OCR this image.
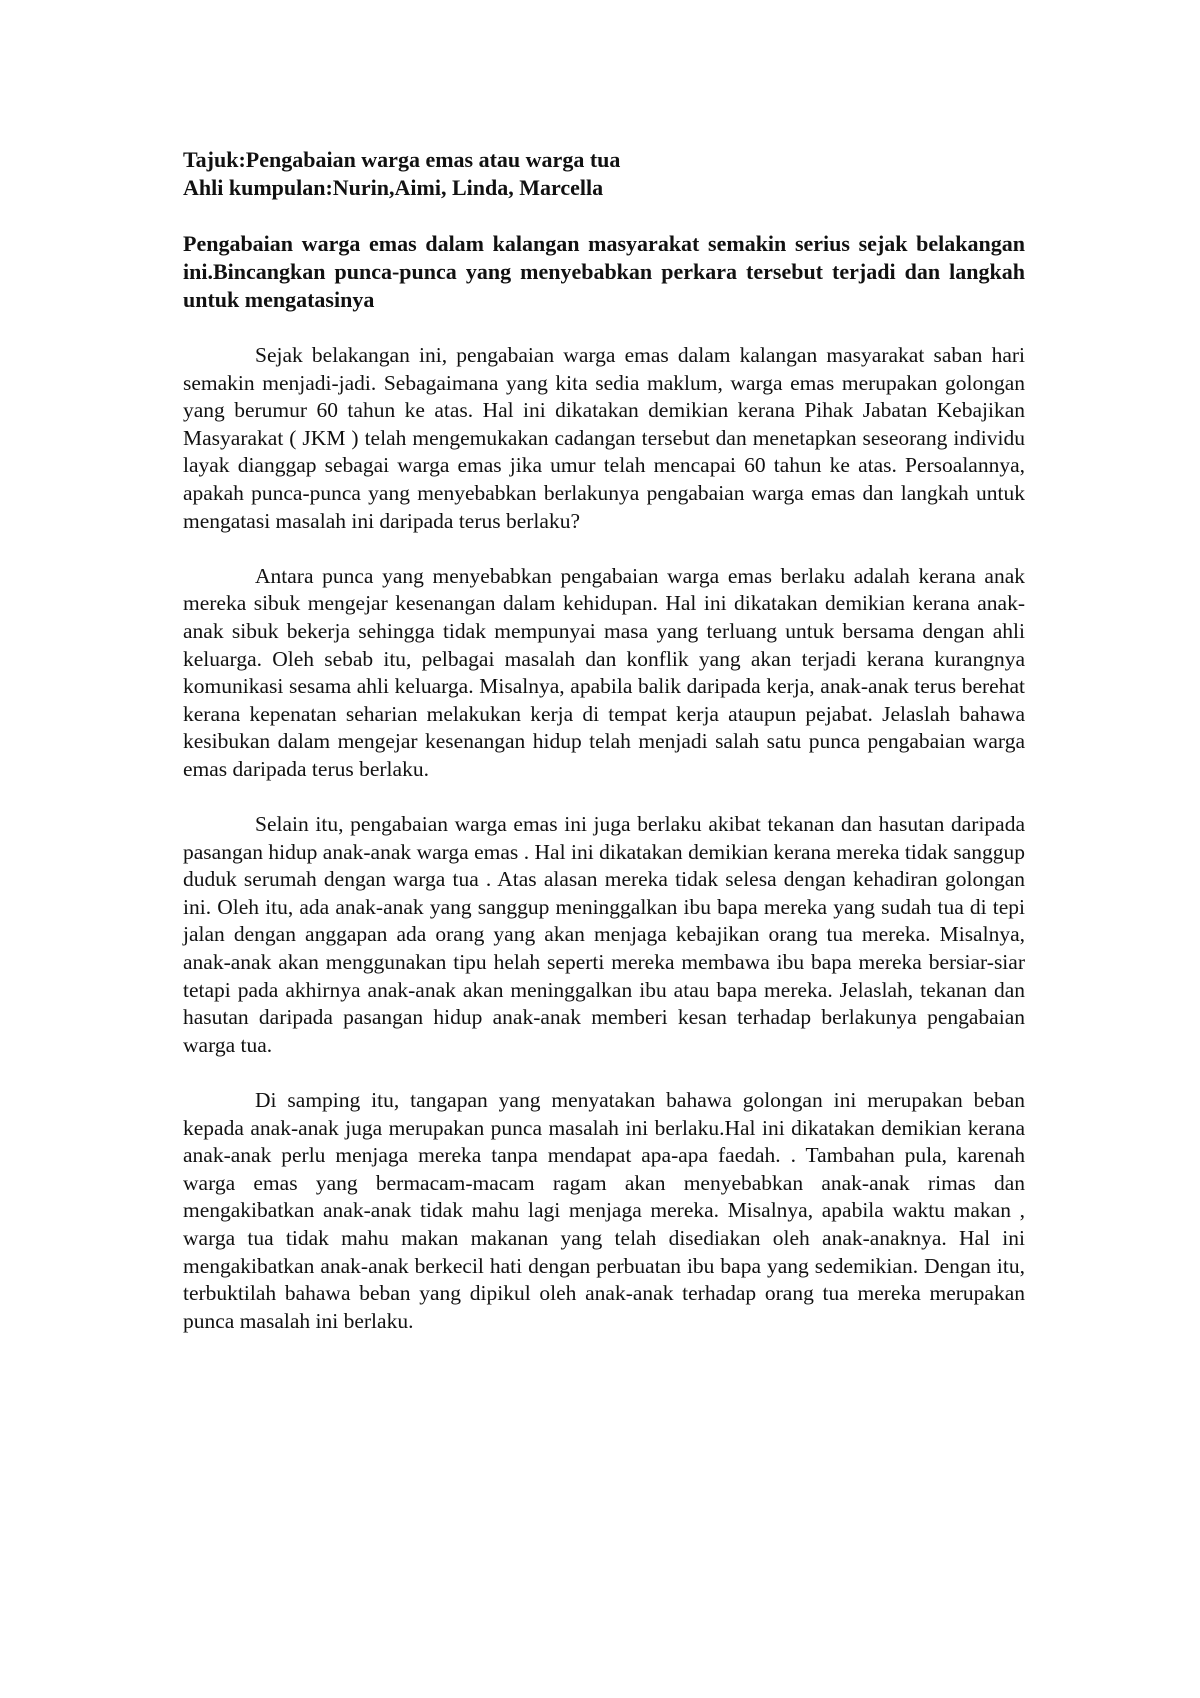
Tajuk:Pengabaian warga emas atau warga tua

Ahli kumpulan:Nurin,Aimi, Linda, Marcella

Pengabaian warga emas dalam kalangan masyarakat semakin serius sejak belakangan ini.Bincangkan punca-punca yang menyebabkan perkara tersebut terjadi dan langkah untuk mengatasinya

Sejak belakangan ini, pengabaian warga emas dalam kalangan masyarakat saban hari semakin menjadi-jadi. Sebagaimana yang kita sedia maklum, warga emas merupakan golongan yang berumur 60 tahun ke atas. Hal ini dikatakan demikian kerana Pihak Jabatan Kebajikan Masyarakat ( JKM ) telah mengemukakan cadangan tersebut dan menetapkan seseorang individu layak dianggap sebagai warga emas jika umur telah mencapai 60 tahun ke atas. Persoalannya, apakah punca-punca yang menyebabkan berlakunya pengabaian warga emas dan langkah untuk mengatasi masalah ini daripada terus berlaku?

Antara punca yang menyebabkan pengabaian warga emas berlaku adalah kerana anak mereka sibuk mengejar kesenangan dalam kehidupan. Hal ini dikatakan demikian kerana anak-anak sibuk bekerja sehingga tidak mempunyai masa yang terluang untuk bersama dengan ahli keluarga. Oleh sebab itu, pelbagai masalah dan konflik yang akan terjadi kerana kurangnya komunikasi sesama ahli keluarga. Misalnya, apabila balik daripada kerja, anak-anak terus berehat kerana kepenatan seharian melakukan kerja di tempat kerja ataupun pejabat. Jelaslah bahawa kesibukan dalam mengejar kesenangan hidup telah menjadi salah satu punca pengabaian warga emas daripada terus berlaku.

Selain itu, pengabaian warga emas ini juga berlaku akibat tekanan dan hasutan daripada pasangan hidup anak-anak warga emas . Hal ini dikatakan demikian kerana mereka tidak sanggup duduk serumah dengan warga tua . Atas alasan mereka tidak selesa dengan kehadiran golongan ini. Oleh itu, ada anak-anak yang sanggup meninggalkan ibu bapa mereka yang sudah tua di tepi jalan dengan anggapan ada orang yang akan menjaga kebajikan orang tua mereka. Misalnya, anak-anak akan menggunakan tipu helah seperti mereka membawa ibu bapa mereka bersiar-siar tetapi pada akhirnya anak-anak akan meninggalkan ibu atau bapa mereka. Jelaslah, tekanan dan hasutan daripada pasangan hidup anak-anak memberi kesan terhadap berlakunya pengabaian warga tua.

Di samping itu, tangapan yang menyatakan bahawa golongan ini merupakan beban kepada anak-anak juga merupakan punca masalah ini berlaku.Hal ini dikatakan demikian kerana anak-anak perlu menjaga mereka tanpa mendapat apa-apa faedah. . Tambahan pula, karenah warga emas yang bermacam-macam ragam akan menyebabkan anak-anak rimas dan mengakibatkan anak-anak tidak mahu lagi menjaga mereka. Misalnya, apabila waktu makan , warga tua tidak mahu makan makanan yang telah disediakan oleh anak-anaknya. Hal ini mengakibatkan anak-anak berkecil hati dengan perbuatan ibu bapa yang sedemikian. Dengan itu, terbuktilah bahawa beban yang dipikul oleh anak-anak terhadap orang tua mereka merupakan punca masalah ini berlaku.
